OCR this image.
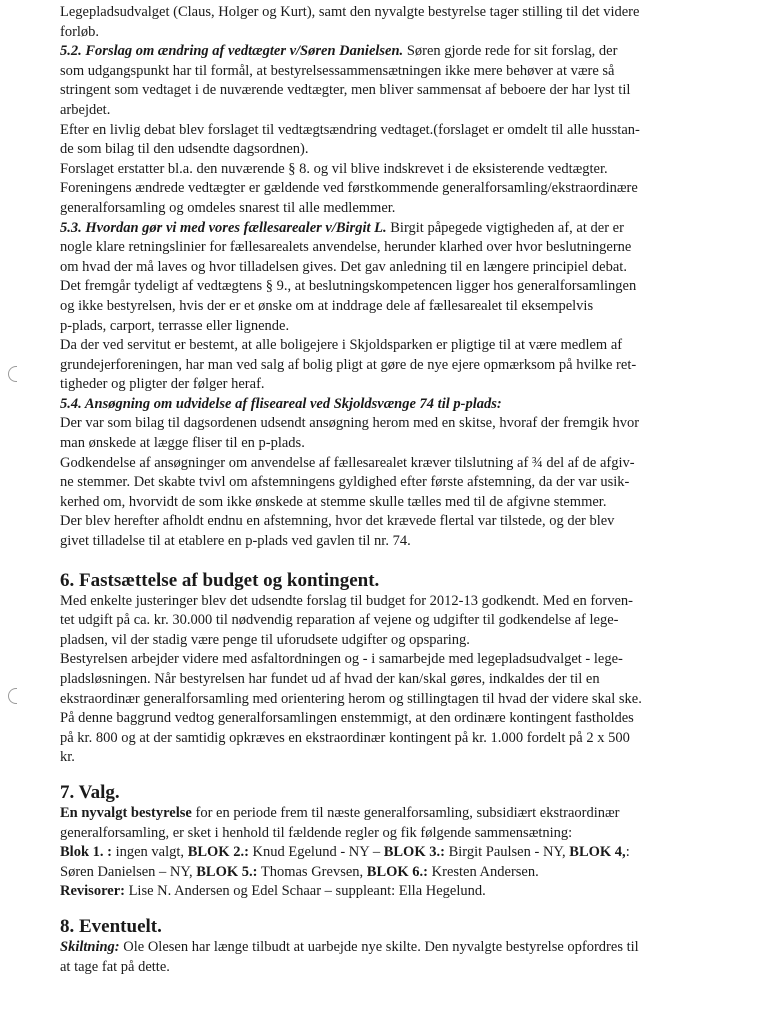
Legepladsudvalget (Claus, Holger og Kurt), samt den nyvalgte bestyrelse tager stilling til det videre

forløb.

5.2. Forslag om ændring af vedtægter v/Søren Danielsen. Søren gjorde rede for sit forslag, der

som udgangspunkt har til formål, at bestyrelsessammensætningen ikke mere behøver at være så

stringent som vedtaget i de nuværende vedtægter, men bliver sammensat af beboere der har lyst til

arbejdet.

Efter en livlig debat blev forslaget til vedtægtsændring vedtaget.(forslaget er omdelt til alle husstan-

de som bilag til den udsendte dagsordnen).

Forslaget erstatter bl.a. den nuværende § 8. og vil blive indskrevet i de eksisterende vedtægter.

Foreningens ændrede vedtægter er gældende ved førstkommende generalforsamling/ekstraordinære

generalforsamling og omdeles snarest til alle medlemmer.

5.3. Hvordan gør vi med vores fællesarealer v/Birgit L. Birgit påpegede vigtigheden af, at der er

nogle klare retningslinier for fællesarealets anvendelse, herunder klarhed over hvor beslutningerne

om hvad der må laves og hvor tilladelsen gives. Det gav anledning til en længere principiel debat.

Det fremgår tydeligt af vedtægtens § 9., at beslutningskompetencen ligger hos generalforsamlingen

og ikke bestyrelsen, hvis der er et ønske om at inddrage dele af fællesarealet til eksempelvis

p-plads, carport, terrasse eller lignende.

Da der ved servitut er bestemt, at alle boligejere i Skjoldsparken er pligtige til at være medlem af

grundejerforeningen, har man ved salg af bolig pligt at gøre de nye ejere opmærksom på hvilke ret-

tigheder og pligter der følger heraf.

5.4. Ansøgning om udvidelse af fliseareal ved Skjoldsvænge 74 til p-plads:

Der var som bilag til dagsordenen udsendt ansøgning herom med en skitse, hvoraf der fremgik hvor

man ønskede at lægge fliser til en p-plads.

Godkendelse af ansøgninger om anvendelse af fællesarealet kræver tilslutning af ¾ del af de afgiv-

ne stemmer. Det skabte tvivl om afstemningens gyldighed efter første afstemning, da der var usik-

kerhed om, hvorvidt de som ikke ønskede at stemme skulle tælles med til de afgivne stemmer.

Der blev herefter afholdt endnu en afstemning, hvor det krævede flertal var tilstede, og der blev

givet tilladelse til at etablere en p-plads ved gavlen til nr. 74.

6. Fastsættelse af budget og kontingent.

Med enkelte justeringer blev det udsendte forslag til budget for 2012-13 godkendt. Med en forven-

tet udgift på ca. kr. 30.000 til nødvendig reparation af vejene og udgifter til godkendelse af lege-

pladsen, vil der stadig være penge til uforudsete udgifter og opsparing.

Bestyrelsen arbejder videre med asfaltordningen og - i samarbejde med legepladsudvalget - lege-

pladsløsningen. Når bestyrelsen har fundet ud af hvad der kan/skal gøres, indkaldes der til en

ekstraordinær generalforsamling med orientering herom og stillingtagen til hvad der videre skal ske.

På denne baggrund vedtog generalforsamlingen enstemmigt, at den ordinære kontingent fastholdes

på kr. 800 og at der samtidig opkræves en ekstraordinær kontingent på kr. 1.000 fordelt på 2 x 500

kr.

7. Valg.

En nyvalgt bestyrelse for en periode frem til næste generalforsamling, subsidiært ekstraordinær

generalforsamling, er sket i henhold til fældende regler og fik følgende sammensætning:

Blok 1. : ingen valgt, BLOK 2.: Knud Egelund - NY – BLOK 3.: Birgit Paulsen - NY, BLOK 4,:

Søren Danielsen – NY, BLOK 5.: Thomas Grevsen, BLOK 6.: Kresten Andersen.

Revisorer: Lise N. Andersen og Edel Schaar – suppleant: Ella Hegelund.

8. Eventuelt.

Skiltning: Ole Olesen har længe tilbudt at uarbejde nye skilte. Den nyvalgte bestyrelse opfordres til

at tage fat på dette.
